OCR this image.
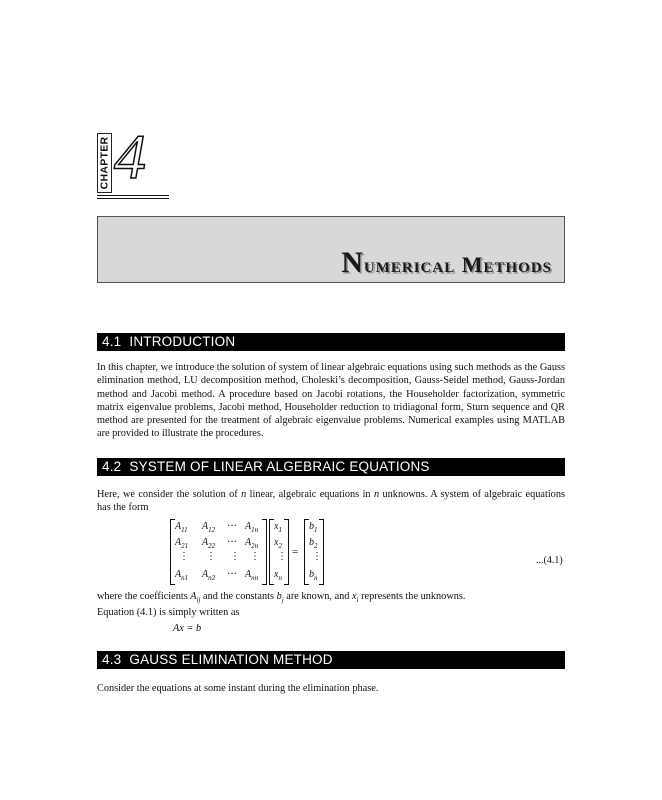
CHAPTER 4
Numerical Methods
4.1 INTRODUCTION

In this chapter, we introduce the solution of system of linear algebraic equations using such methods as the Gauss elimination method, LU decomposition method, Choleski’s decomposition, Gauss-Seidel method, Gauss-Jordan method and Jacobi method. A procedure based on Jacobi rotations, the Householder factorization, symmetric matrix eigenvalue problems, Jacobi method, Householder reduction to tridiagonal form, Sturn sequence and QR method are presented for the treatment of algebraic eigenvalue problems. Numerical examples using MATLAB are provided to illustrate the procedures.

4.2 SYSTEM OF LINEAR ALGEBRAIC EQUATIONS

Here, we consider the solution of n linear, algebraic equations in n unknowns. A system of algebraic equations has the form

$A_{11}$ $A_{12}$ ··· $A_{1n}$
$A_{21}$ $A_{22}$ ··· $A_{2n}$
⋮ ⋮ ⋮ ⋮
$A_{n1}$ $A_{n2}$ ··· $A_{nn}$
$x_1$
$x_2$
⋮
$x_n$
=
$b_1$
$b_2$
⋮
$b_n$
...(4.1)

where the coefficients $A_{ij}$ and the constants $b_j$ are known, and $x_i$ represents the unknowns.

Equation (4.1) is simply written as

Ax = b
4.3 GAUSS ELIMINATION METHOD

Consider the equations at some instant during the elimination phase.
